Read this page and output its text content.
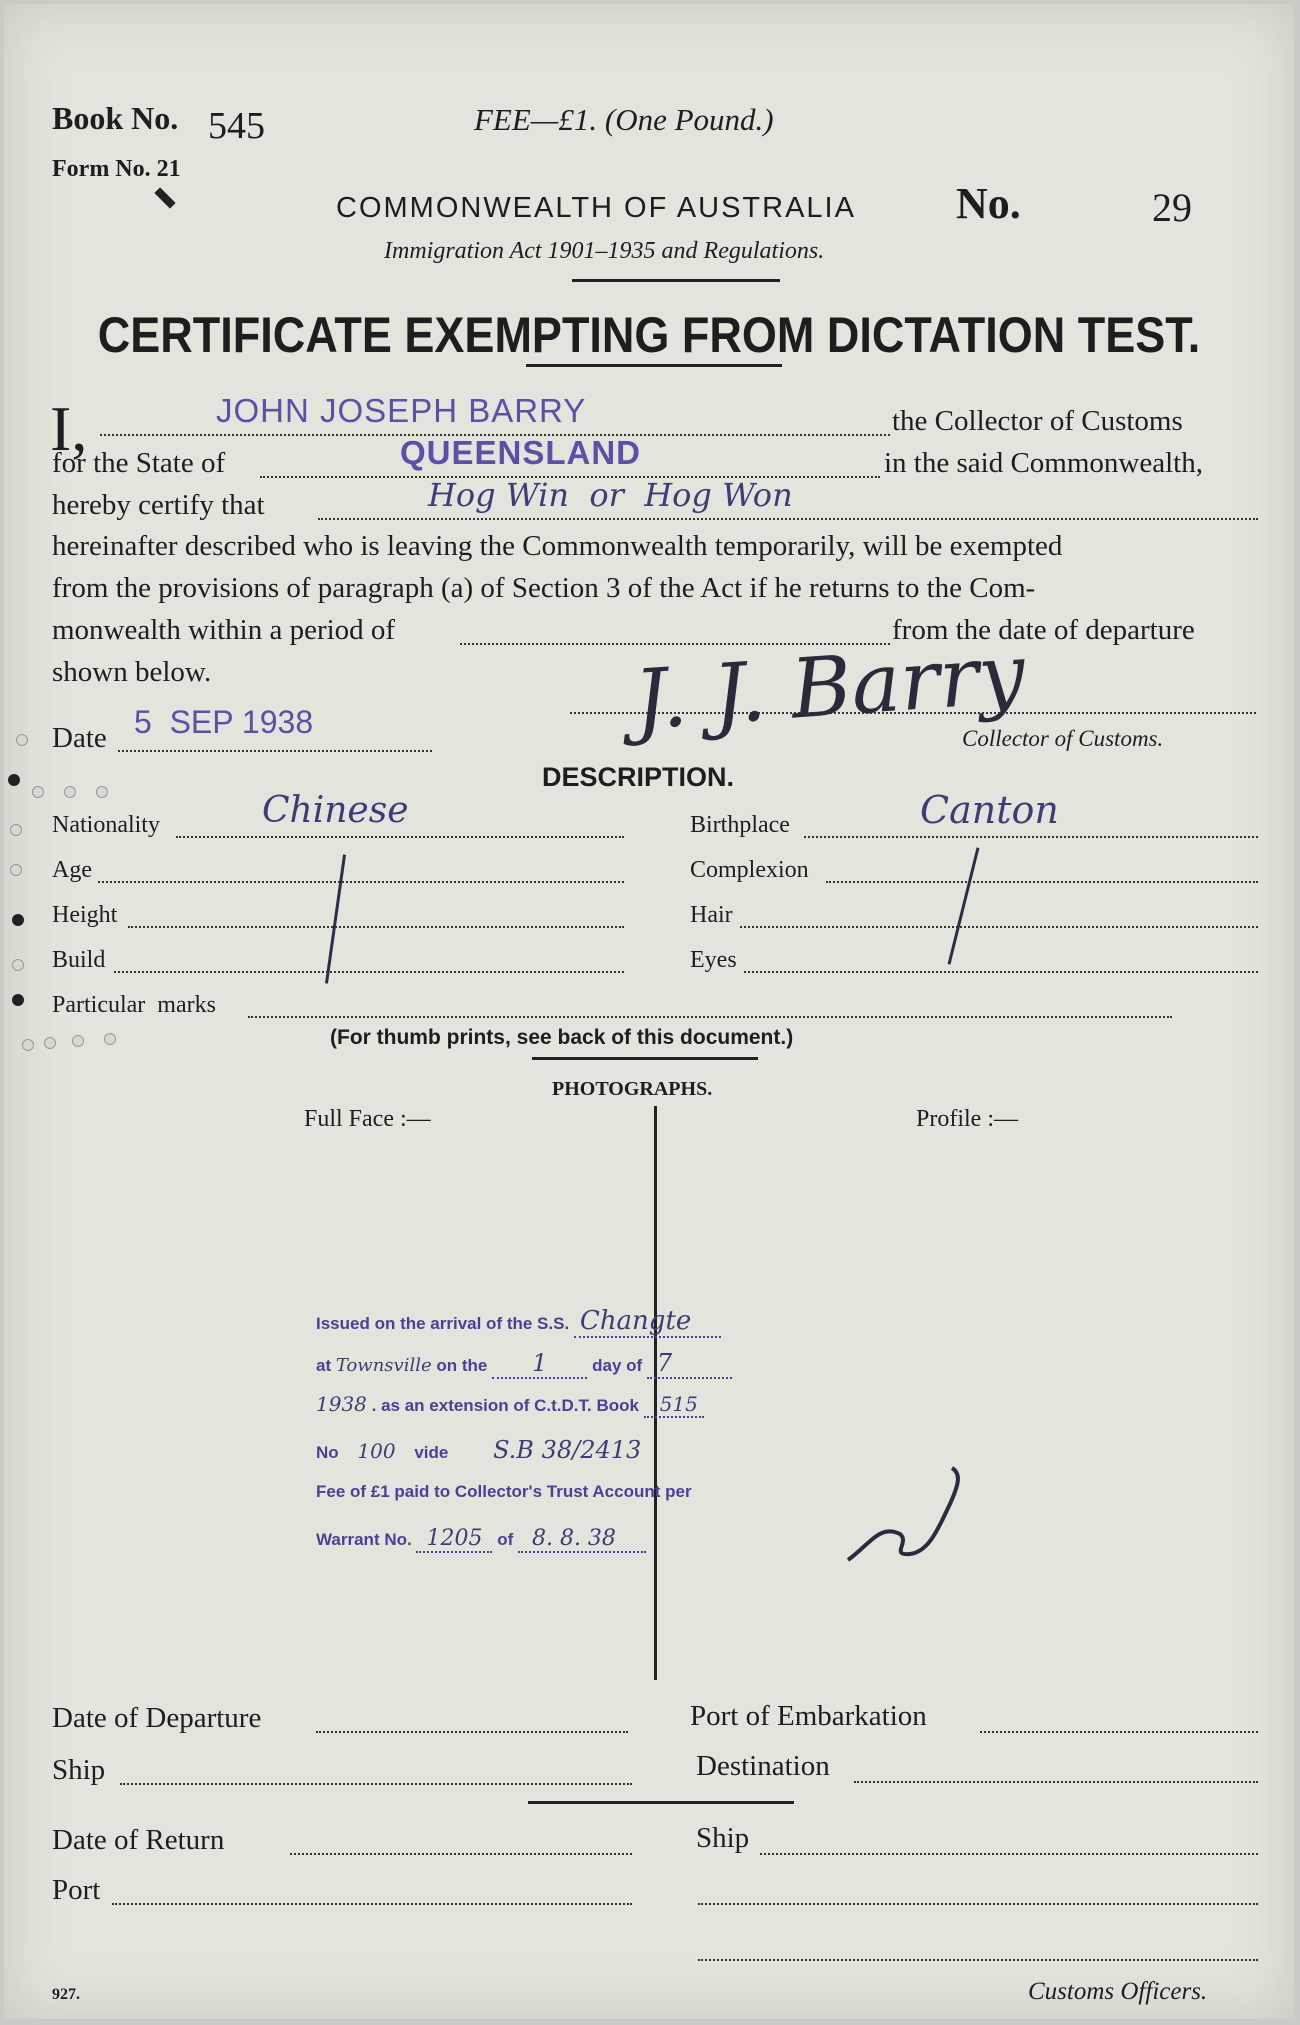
Book No. 545
Form No. 21
FEE—£1. (One Pound.)
COMMONWEALTH OF AUSTRALIA No.	29
Immigration Act 1901–1935 and Regulations.
CERTIFICATE EXEMPTING FROM DICTATION TEST.
I,	JOHN JOSEPH BARRY	the Collector of Customs
for the State of	QUEENSLAND	in the said Commonwealth,
hereby certify that	Hog Win  or  Hog Won
hereinafter described who is leaving the Commonwealth temporarily, will be exempted
from the provisions of paragraph (a) of Section 3 of the Act if he returns to the Com-
monwealth within a period of	from the date of departure
shown below.
Date 5  SEP 1938	J. J. Barry
Collector of Customs.
DESCRIPTION.
Nationality	Chinese	Birthplace	Canton
Age	Complexion
Height	Hair
Build	Eyes
Particular  marks
(For thumb prints, see back of this document.)
PHOTOGRAPHS.
Full Face :—	Profile :—
Issued on the arrival of the S.S. Changte
at Townsville on the 1	day of 7
1938 . as an extension of C.t.D.T. Book 515
No 100 vide S.B 38/2413
Fee of £1 paid to Collector's Trust Account per
Warrant No. 1205 of 8. 8. 38
Date of Departure	Port of Embarkation
Ship	Destination
Date of Return	Ship
Port
927.	Customs Officers.
